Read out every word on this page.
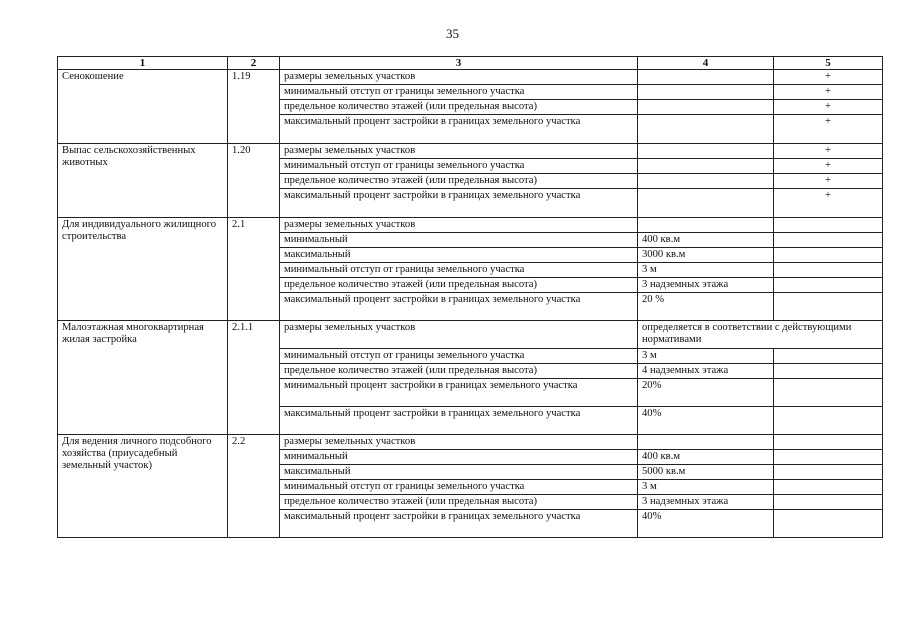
35
1	2	3	4	5
Сенокошение	1.19	размеры земельных участков		+
		минимальный отступ от границы земельного участка		+
		предельное количество этажей (или предельная высота)		+
		максимальный процент застройки в границах земельного участка		+
Выпас сельскохозяйственных животных	1.20	размеры земельных участков		+
		минимальный отступ от границы земельного участка		+
		предельное количество этажей (или предельная высота)		+
		максимальный процент застройки в границах земельного участка		+
Для индивидуального жилищного строительства	2.1	размеры земельных участков		
		минимальный	400 кв.м	
		максимальный	3000 кв.м	
		минимальный отступ от границы земельного участка	3 м	
		предельное количество этажей (или предельная высота)	3 надземных этажа	
		максимальный процент застройки в границах земельного участка	20 %	
Малоэтажная многоквартирная жилая застройка	2.1.1	размеры земельных участков	определяется в соответствии с действующими нормативами	
		минимальный отступ от границы земельного участка	3 м	
		предельное количество этажей (или предельная высота)	4 надземных этажа	
		минимальный процент застройки в границах земельного участка	20%	
		максимальный процент застройки в границах земельного участка	40%	
Для ведения личного подсобного хозяйства (приусадебный земельный участок)	2.2	размеры земельных участков		
		минимальный	400 кв.м	
		максимальный	5000 кв.м	
		минимальный отступ от границы земельного участка	3 м	
		предельное количество этажей (или предельная высота)	3 надземных этажа	
		максимальный процент застройки в границах земельного участка	40%	
